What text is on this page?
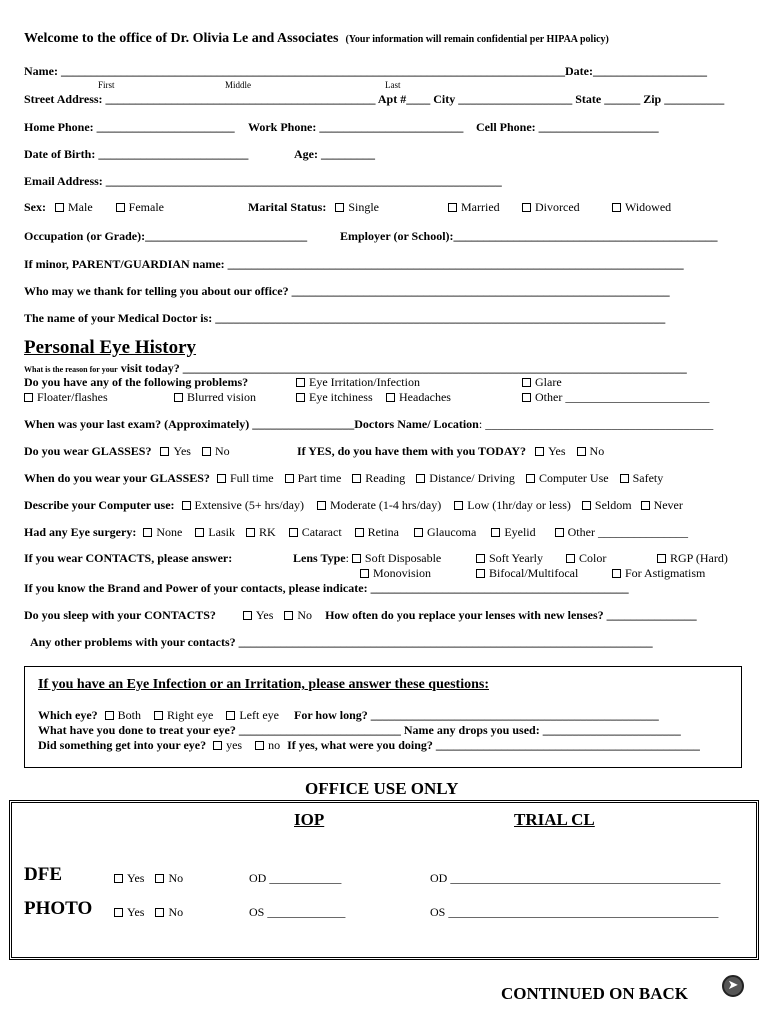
Welcome to the office of Dr. Olivia Le and Associates (Your information will remain confidential per HIPAA policy)
Name: ____________________________________________________________________________________Date:___________________
First	Middle	Last
Street Address: _____________________________________________ Apt #____ City ___________________ State ______ Zip __________
Home Phone: _______________________ Work Phone: ________________________ Cell Phone: ____________________
Date of Birth: _________________________	Age: _________
Email Address: __________________________________________________________________
Sex: Male	Female	Marital Status: Single	Married	Divorced	Widowed
Occupation (or Grade):___________________________	Employer (or School):____________________________________________
If minor, PARENT/GUARDIAN name: ____________________________________________________________________________
Who may we thank for telling you about our office? _______________________________________________________________
The name of your Medical Doctor is: ___________________________________________________________________________
Personal Eye History
What is the reason for your visit today? ____________________________________________________________________________________
Do you have any of the following problems?
Floater/flashes	Blurred vision
Eye Irritation/Infection
Eye itchiness	Headaches
Glare
Other ________________________
When was your last exam? (Approximately) _________________Doctors Name/ Location: ______________________________________
Do you wear GLASSES? Yes No	If YES, do you have them with you TODAY? Yes No
When do you wear your GLASSES? Full time Part time Reading Distance/ Driving Computer Use Safety
Describe your Computer use: Extensive (5+ hrs/day) Moderate (1-4 hrs/day) Low (1hr/day or less) Seldom Never
Had any Eye surgery: None Lasik RK Cataract Retina Glaucoma Eyelid	Other _______________
If you wear CONTACTS, please answer:	Lens Type: Soft Disposable	Soft Yearly	Color	RGP (Hard)
Monovision	Bifocal/Multifocal	For Astigmatism
If you know the Brand and Power of your contacts, please indicate: ___________________________________________
Do you sleep with your CONTACTS?	Yes No How often do you replace your lenses with new lenses? _______________
Any other problems with your contacts? _____________________________________________________________________
If you have an Eye Infection or an Irritation, please answer these questions:
Which eye? Both Right eye Left eye For how long? ________________________________________________
What have you done to treat your eye? ___________________________ Name any drops you used: _______________________
Did something get into your eye? yes no If yes, what were you doing? ____________________________________________
OFFICE USE ONLY
IOP	TRIAL CL
DFE	Yes No	OD ____________	OD _____________________________________________
PHOTO	Yes No	OS _____________	OS _____________________________________________
CONTINUED ON BACK	➤
